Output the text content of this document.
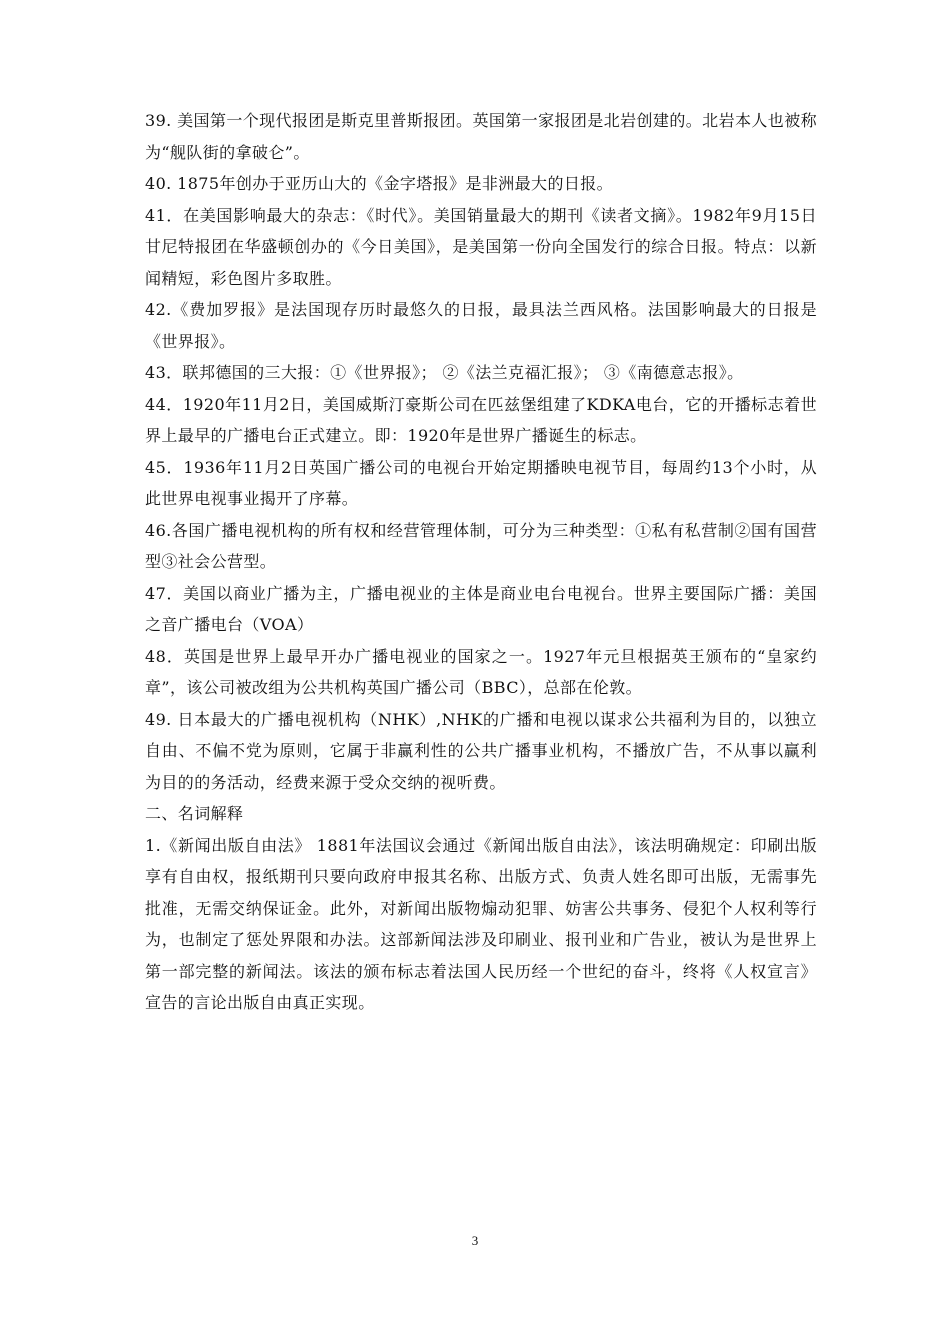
39. 美国第一个现代报团是斯克里普斯报团。英国第一家报团是北岩创建的。北岩本人也被称为“舰队街的拿破仑”。

40. 1875年创办于亚历山大的《金字塔报》是非洲最大的日报。

41．在美国影响最大的杂志：《时代》。美国销量最大的期刊《读者文摘》。1982年9月15日甘尼特报团在华盛顿创办的《今日美国》，是美国第一份向全国发行的综合日报。特点：以新闻精短，彩色图片多取胜。

42.《费加罗报》是法国现存历时最悠久的日报，最具法兰西风格。法国影响最大的日报是《世界报》。

43．联邦德国的三大报：①《世界报》； ②《法兰克福汇报》； ③《南德意志报》。

44．1920年11月2日，美国威斯汀豪斯公司在匹兹堡组建了KDKA电台，它的开播标志着世界上最早的广播电台正式建立。即：1920年是世界广播诞生的标志。

45．1936年11月2日英国广播公司的电视台开始定期播映电视节目，每周约13个小时，从此世界电视事业揭开了序幕。

46.各国广播电视机构的所有权和经营管理体制，可分为三种类型：①私有私营制②国有国营型③社会公营型。

47．美国以商业广播为主，广播电视业的主体是商业电台电视台。世界主要国际广播：美国之音广播电台（VOA）

48．英国是世界上最早开办广播电视业的国家之一。1927年元旦根据英王颁布的“皇家约章”，该公司被改组为公共机构英国广播公司（BBC），总部在伦敦。

49. 日本最大的广播电视机构（NHK）,NHK的广播和电视以谋求公共福利为目的，以独立自由、不偏不党为原则，它属于非赢利性的公共广播事业机构，不播放广告，不从事以赢利为目的的务活动，经费来源于受众交纳的视听费。

二、名词解释

1.《新闻出版自由法》 1881年法国议会通过《新闻出版自由法》，该法明确规定：印刷出版享有自由权，报纸期刊只要向政府申报其名称、出版方式、负责人姓名即可出版，无需事先批准，无需交纳保证金。此外，对新闻出版物煽动犯罪、妨害公共事务、侵犯个人权利等行为，也制定了惩处界限和办法。这部新闻法涉及印刷业、报刊业和广告业，被认为是世界上第一部完整的新闻法。该法的颁布标志着法国人民历经一个世纪的奋斗，终将《人权宣言》宣告的言论出版自由真正实现。

3
